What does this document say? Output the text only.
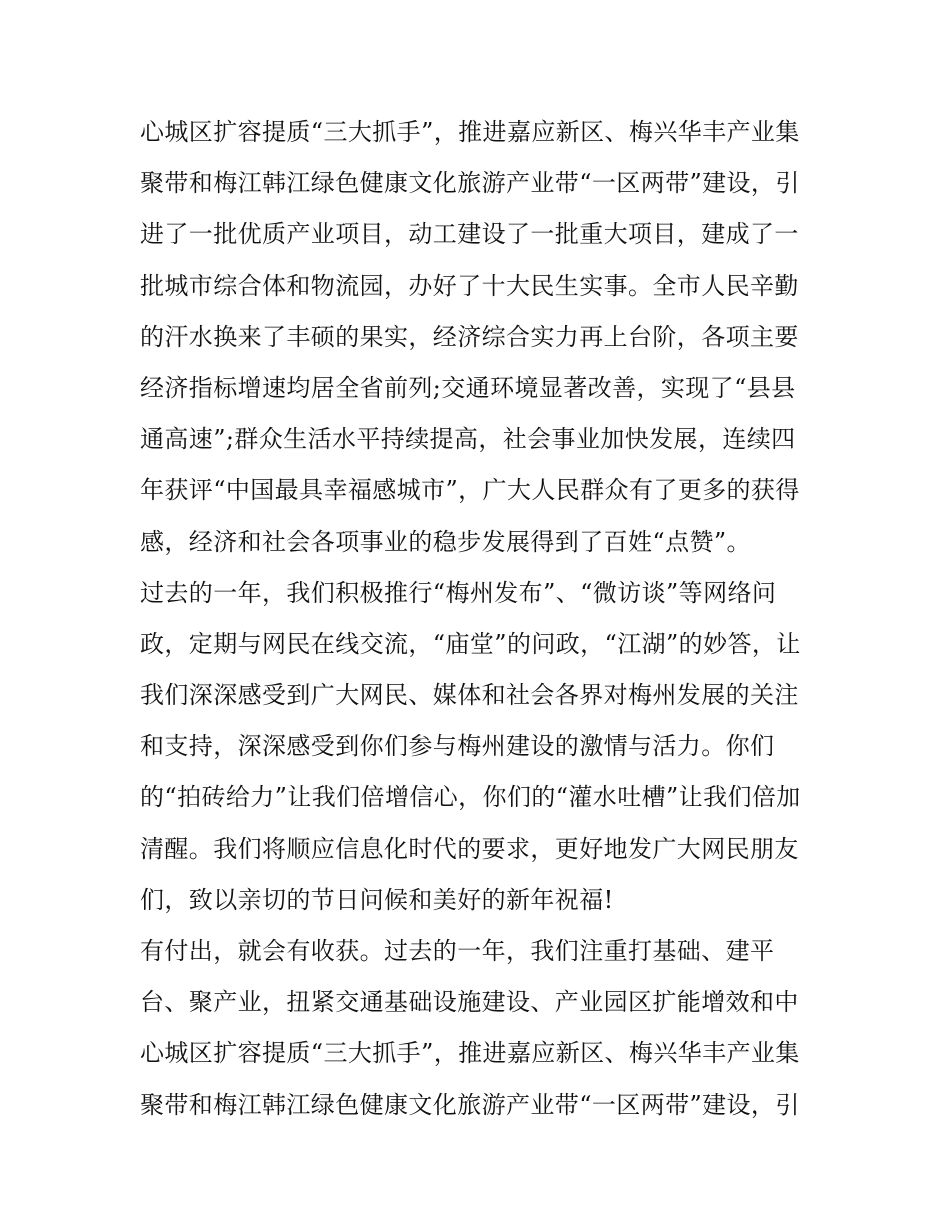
心城区扩容提质“三大抓手”，推进嘉应新区、梅兴华丰产业集
聚带和梅江韩江绿色健康文化旅游产业带“一区两带”建设，引
进了一批优质产业项目，动工建设了一批重大项目，建成了一
批城市综合体和物流园，办好了十大民生实事。全市人民辛勤
的汗水换来了丰硕的果实，经济综合实力再上台阶，各项主要
经济指标增速均居全省前列;交通环境显著改善，实现了“县县
通高速”;群众生活水平持续提高，社会事业加快发展，连续四
年获评“中国最具幸福感城市”，广大人民群众有了更多的获得
感，经济和社会各项事业的稳步发展得到了百姓“点赞”。
过去的一年，我们积极推行“梅州发布”、“微访谈”等网络问
政，定期与网民在线交流，“庙堂”的问政，“江湖”的妙答，让
我们深深感受到广大网民、媒体和社会各界对梅州发展的关注
和支持，深深感受到你们参与梅州建设的激情与活力。你们
的“拍砖给力”让我们倍增信心，你们的“灌水吐槽”让我们倍加
清醒。我们将顺应信息化时代的要求，更好地发广大网民朋友
们，致以亲切的节日问候和美好的新年祝福!
有付出，就会有收获。过去的一年，我们注重打基础、建平
台、聚产业，扭紧交通基础设施建设、产业园区扩能增效和中
心城区扩容提质“三大抓手”，推进嘉应新区、梅兴华丰产业集
聚带和梅江韩江绿色健康文化旅游产业带“一区两带”建设，引
